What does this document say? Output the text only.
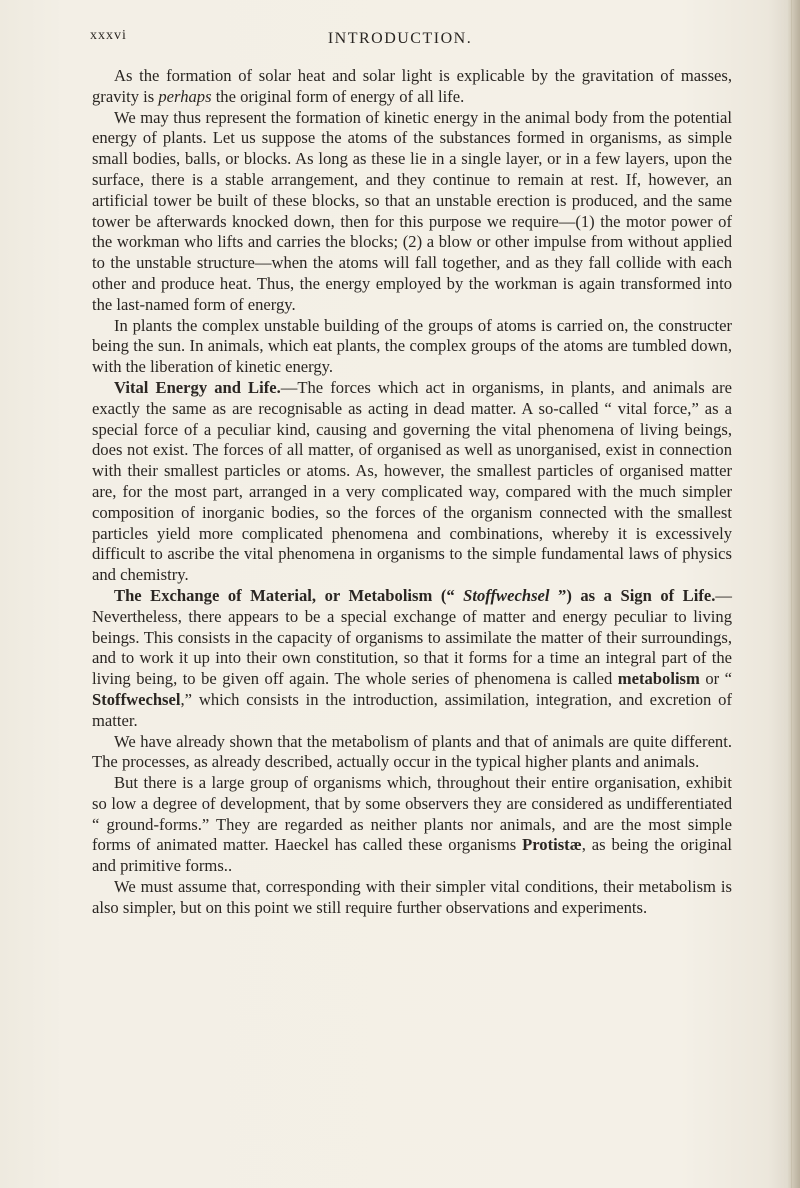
xxxvi	INTRODUCTION.

As the formation of solar heat and solar light is explicable by the gravitation of masses, gravity is perhaps the original form of energy of all life.

We may thus represent the formation of kinetic energy in the animal body from the potential energy of plants. Let us suppose the atoms of the substances formed in organisms, as simple small bodies, balls, or blocks. As long as these lie in a single layer, or in a few layers, upon the surface, there is a stable arrangement, and they continue to remain at rest. If, however, an artificial tower be built of these blocks, so that an unstable erection is produced, and the same tower be afterwards knocked down, then for this purpose we require—(1) the motor power of the workman who lifts and carries the blocks; (2) a blow or other impulse from without applied to the unstable structure—when the atoms will fall together, and as they fall collide with each other and produce heat. Thus, the energy employed by the workman is again transformed into the last-named form of energy.

In plants the complex unstable building of the groups of atoms is carried on, the constructer being the sun. In animals, which eat plants, the complex groups of the atoms are tumbled down, with the liberation of kinetic energy.

Vital Energy and Life.—The forces which act in organisms, in plants, and animals are exactly the same as are recognisable as acting in dead matter. A so-called “ vital force,” as a special force of a peculiar kind, causing and governing the vital phenomena of living beings, does not exist. The forces of all matter, of organised as well as unorganised, exist in connection with their smallest particles or atoms. As, however, the smallest particles of organised matter are, for the most part, arranged in a very complicated way, compared with the much simpler composition of inorganic bodies, so the forces of the organism connected with the smallest particles yield more complicated phenomena and combinations, whereby it is excessively difficult to ascribe the vital phenomena in organisms to the simple fundamental laws of physics and chemistry.

The Exchange of Material, or Metabolism (“ Stoffwechsel ”) as a Sign of Life.—Nevertheless, there appears to be a special exchange of matter and energy peculiar to living beings. This consists in the capacity of organisms to assimilate the matter of their surroundings, and to work it up into their own constitution, so that it forms for a time an integral part of the living being, to be given off again. The whole series of phenomena is called metabolism or “ Stoffwechsel,” which consists in the introduction, assimilation, integration, and excretion of matter.

We have already shown that the metabolism of plants and that of animals are quite different. The processes, as already described, actually occur in the typical higher plants and animals.

But there is a large group of organisms which, throughout their entire organisation, exhibit so low a degree of development, that by some observers they are considered as undifferentiated “ ground-forms.” They are regarded as neither plants nor animals, and are the most simple forms of animated matter. Haeckel has called these organisms Protistæ, as being the original and primitive forms..

We must assume that, corresponding with their simpler vital conditions, their metabolism is also simpler, but on this point we still require further observations and experiments.
